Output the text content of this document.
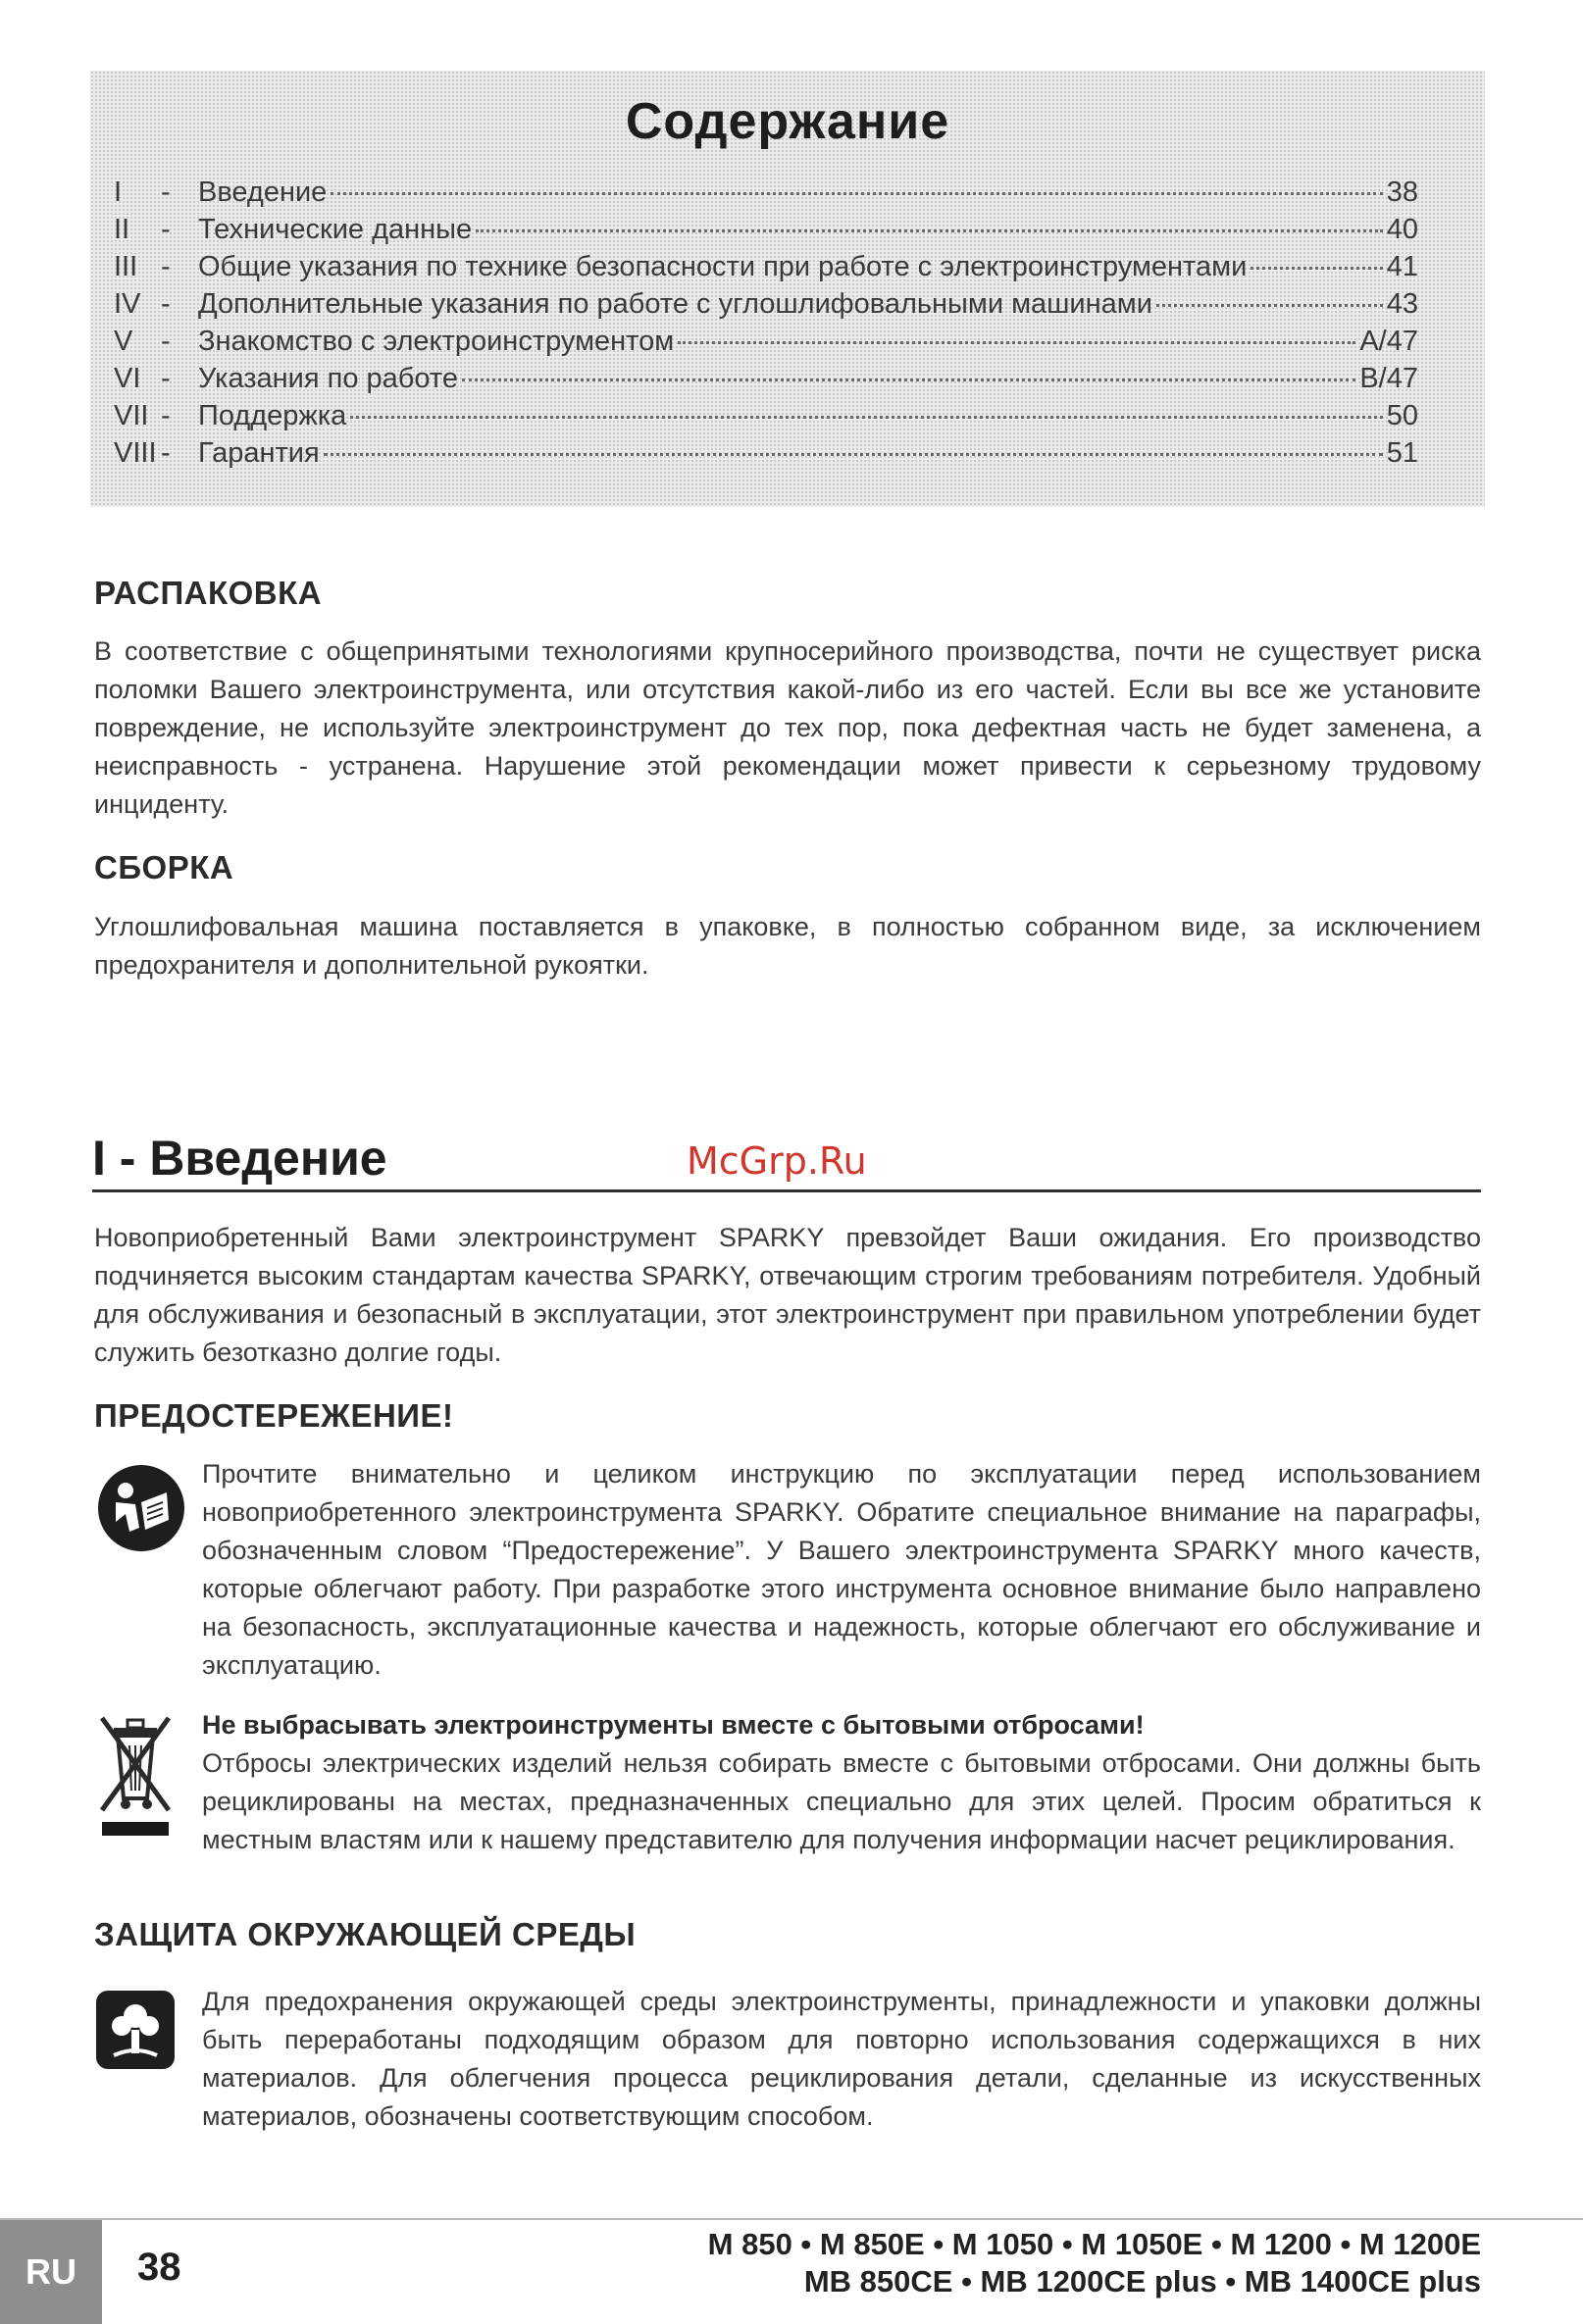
Содержание
I	- Введение	38
II	- Технические данные	40
III - Общие указания по технике безопасности при работе с электроинструментами	41
IV - Дополнительные указания по работе с углошлифовальными машинами	43
V - Знакомство с электроинструментом	A/47
VI - Указания по работе	B/47
VII - Поддержка	50
VIII - Гарантия	51
РАСПАКОВКА
В соответствие с общепринятыми технологиями крупносерийного производства, почти не существует риска поломки Вашего электроинструмента, или отсутствия какой-либо из его частей. Если вы все же установите повреждение, не используйте электроинструмент до тех пор, пока дефектная часть не будет заменена, а неисправность - устранена. Нарушение этой рекомендации может привести к серьезному трудовому инциденту.
СБОРКА
Углошлифовальная машина поставляется в упаковке, в полностью собранном виде, за исключением предохранителя и дополнительной рукоятки.
I - Введение	McGrp.Ru
Новоприобретенный Вами электроинструмент SPARKY превзойдет Ваши ожидания. Его производство подчиняется высоким стандартам качества SPARKY, отвечающим строгим требованиям потребителя. Удобный для обслуживания и безопасный в эксплуатации, этот электроинструмент при правильном употреблении будет служить безотказно долгие годы.
ПРЕДОСТЕРЕЖЕНИЕ!
Прочтите внимательно и целиком инструкцию по эксплуатации перед использованием новоприобретенного электроинструмента SPARKY. Обратите специальное внимание на параграфы, обозначенным словом “Предостережение”. У Вашего электроинструмента SPARKY много качеств, которые облегчают работу. При разработке этого инструмента основное внимание было направлено на безопасность, эксплуатационные качества и надежность, которые облегчают его обслуживание и эксплуатацию.
Не выбрасывать электроинструменты вместе с бытовыми отбросами!
Отбросы электрических изделий нельзя собирать вместе с бытовыми отбросами. Они должны быть рециклированы на местах, предназначенных специально для этих целей. Просим обратиться к местным властям или к нашему представителю для получения информации насчет рециклирования.
ЗАЩИТА ОКРУЖАЮЩЕЙ СРЕДЫ
Для предохранения окружающей среды электроинструменты, принадлежности и упаковки должны быть переработаны подходящим образом для повторно использования содержащихся в них материалов. Для облегчения процесса рециклирования детали, сделанные из искусственных материалов, обозначены соответствующим способом.
RU	38
M 850 • M 850E • M 1050 • M 1050E • M 1200 • M 1200E
MB 850CE • MB 1200CE plus • MB 1400CE plus
